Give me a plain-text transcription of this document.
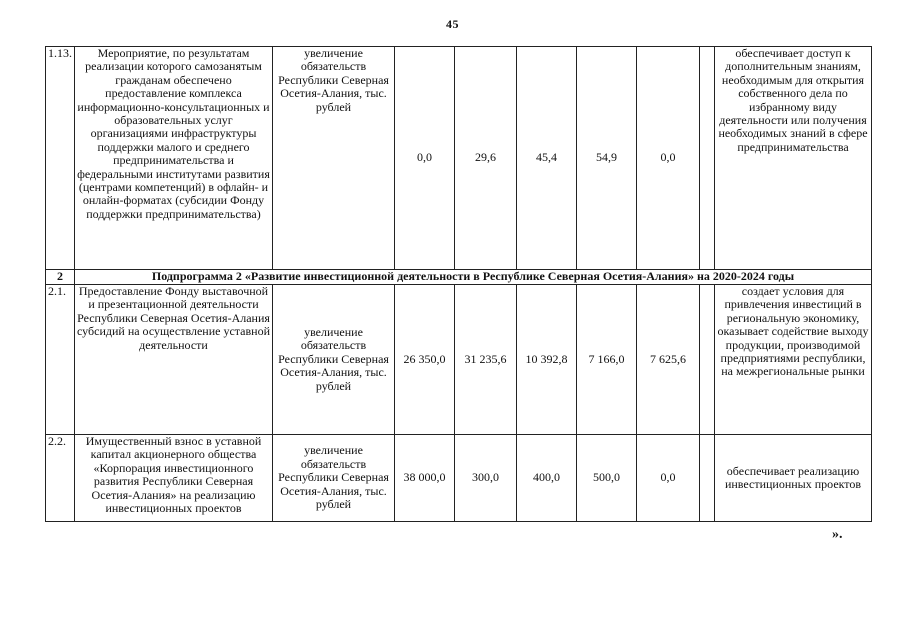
45
1.13.	Мероприятие, по результатам реализации которого самозанятым гражданам обеспечено предоставление комплекса информационно-консультационных и образовательных услуг организациями инфраструктуры поддержки малого и среднего предпринимательства и федеральными институтами развития (центрами компетенций) в офлайн- и онлайн-форматах (субсидии Фонду поддержки предпринимательства)	увеличение обязательств Республики Северная Осетия-Алания, тыс. рублей	0,0	29,6	45,4	54,9	0,0		обеспечивает доступ к дополнительным знаниям, необходимым для открытия собственного дела по избранному виду деятельности или получения необходимых знаний в сфере предпринимательства
2	Подпрограмма 2 «Развитие инвестиционной деятельности в Республике Северная Осетия-Алания» на 2020-2024 годы								
2.1.	Предоставление Фонду выставочной и презентационной деятельности Республики Северная Осетия-Алания субсидий на осуществление уставной деятельности	увеличение обязательств Республики Северная Осетия-Алания, тыс. рублей	26 350,0	31 235,6	10 392,8	7 166,0	7 625,6		создает условия для привлечения инвестиций в региональную экономику, оказывает содействие выходу продукции, производимой предприятиями республики, на межрегиональные рынки
2.2.	Имущественный взнос в уставной капитал акционерного общества «Корпорация инвестиционного развития Республики Северная Осетия-Алания» на реализацию инвестиционных проектов	увеличение обязательств Республики Северная Осетия-Алания, тыс. рублей	38 000,0	300,0	400,0	500,0	0,0		обеспечивает реализацию инвестиционных проектов
».
